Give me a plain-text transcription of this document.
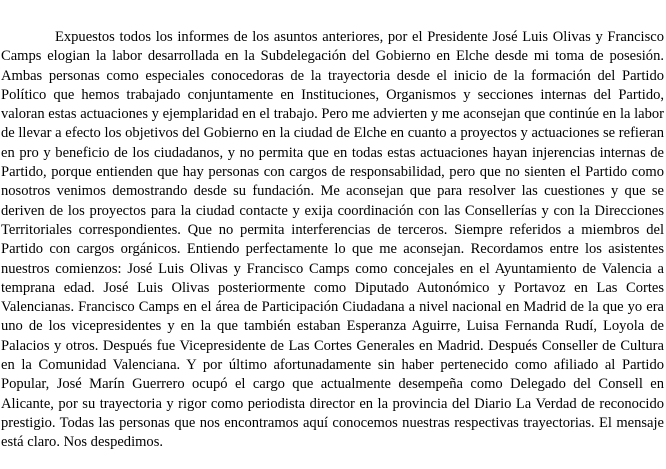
Expuestos todos los informes de los asuntos anteriores, por el Presidente José Luis Olivas y Francisco Camps elogian la labor desarrollada en la Subdelegación del Gobierno en Elche desde mi toma de posesión. Ambas personas como especiales conocedoras de la trayectoria desde el inicio de la formación del Partido Político que hemos trabajado conjuntamente en Instituciones, Organismos y secciones internas del Partido, valoran estas actuaciones y ejemplaridad en el trabajo. Pero me advierten y me aconsejan que continúe en la labor de llevar a efecto los objetivos del Gobierno en la ciudad de Elche en cuanto a proyectos y actuaciones se refieran en pro y beneficio de los ciudadanos, y no permita que en todas estas actuaciones hayan injerencias internas de Partido, porque entienden que hay personas con cargos de responsabilidad, pero que no sienten el Partido como nosotros venimos demostrando desde su fundación. Me aconsejan que para resolver las cuestiones y que se deriven de los proyectos para la ciudad contacte y exija coordinación con las Consellerías y con la Direcciones Territoriales correspondientes. Que no permita interferencias de terceros. Siempre referidos a miembros del Partido con cargos orgánicos. Entiendo perfectamente lo que me aconsejan. Recordamos entre los asistentes nuestros comienzos: José Luis Olivas y Francisco Camps como concejales en el Ayuntamiento de Valencia a temprana edad. José Luis Olivas posteriormente como Diputado Autonómico y Portavoz en Las Cortes Valencianas. Francisco Camps en el área de Participación Ciudadana a nivel nacional en Madrid de la que yo era uno de los vicepresidentes y en la que también estaban Esperanza Aguirre, Luisa Fernanda Rudí, Loyola de Palacios y otros. Después fue Vicepresidente de Las Cortes Generales en Madrid. Después Conseller de Cultura en la Comunidad Valenciana. Y por último afortunadamente sin haber pertenecido como afiliado al Partido Popular, José Marín Guerrero ocupó el cargo que actualmente desempeña como Delegado del Consell en Alicante, por su trayectoria y rigor como periodista director en la provincia del Diario La Verdad de reconocido prestigio. Todas las personas que nos encontramos aquí conocemos nuestras respectivas trayectorias. El mensaje está claro. Nos despedimos.
